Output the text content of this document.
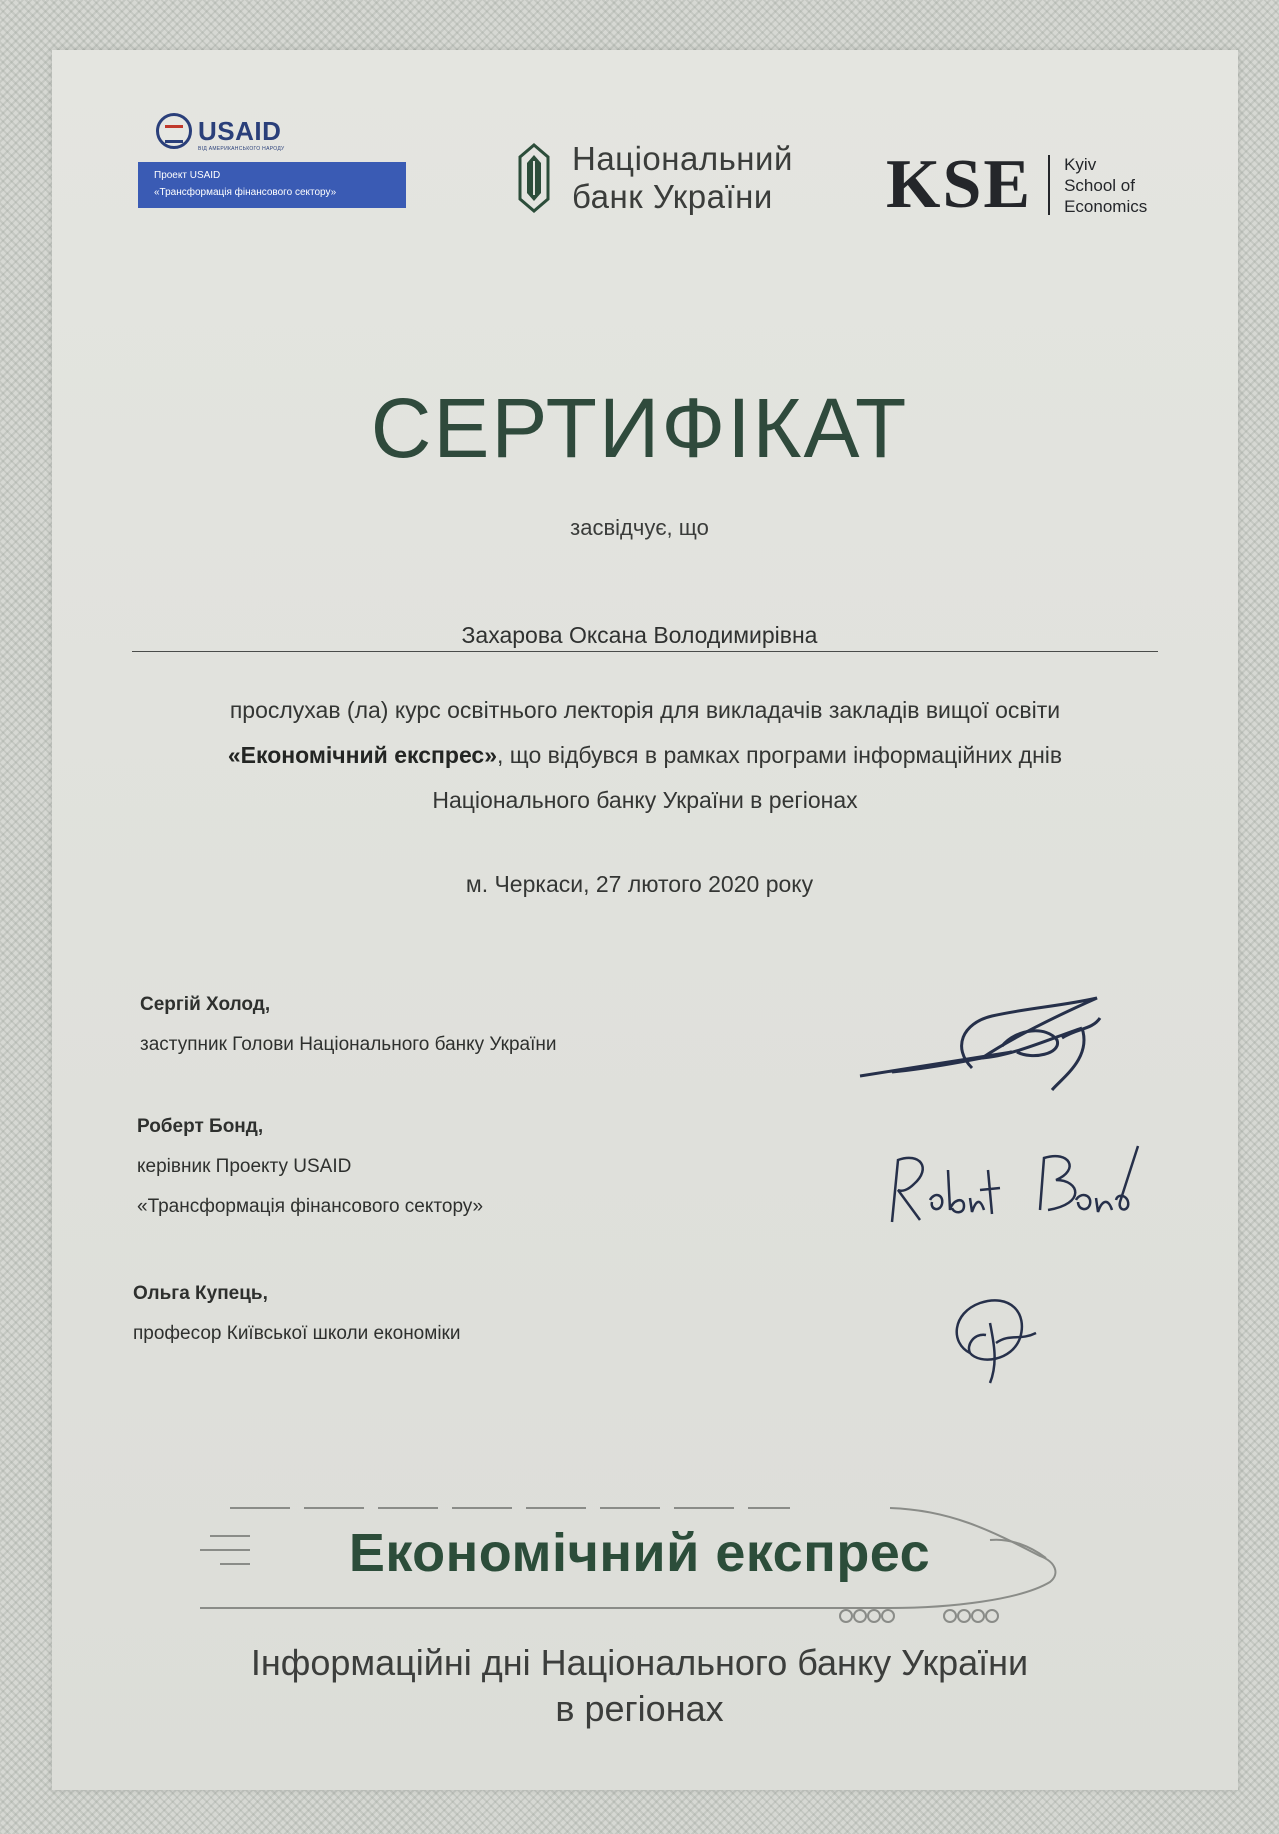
USAID
ВІД АМЕРИКАНСЬКОГО НАРОДУ
Проект USAID
«Трансформація фінансового сектору»
Національний
банк України KSE Kyiv
School of
Economics
СЕРТИФІКАТ
засвідчує, що
Захарова Оксана Володимирівна
прослухав (ла) курс освітнього лекторія для викладачів закладів вищої освіти
«Економічний експрес», що відбувся в рамках програми інформаційних днів
Національного банку України в регіонах
м. Черкаси, 27 лютого 2020 року
Сергій Холод,
заступник Голови Національного банку України
Роберт Бонд,
керівник Проекту USAID
«Трансформація фінансового сектору»
Ольга Купець,
професор Київської школи економіки
Економічний експрес
Інформаційні дні Національного банку України
в регіонах
